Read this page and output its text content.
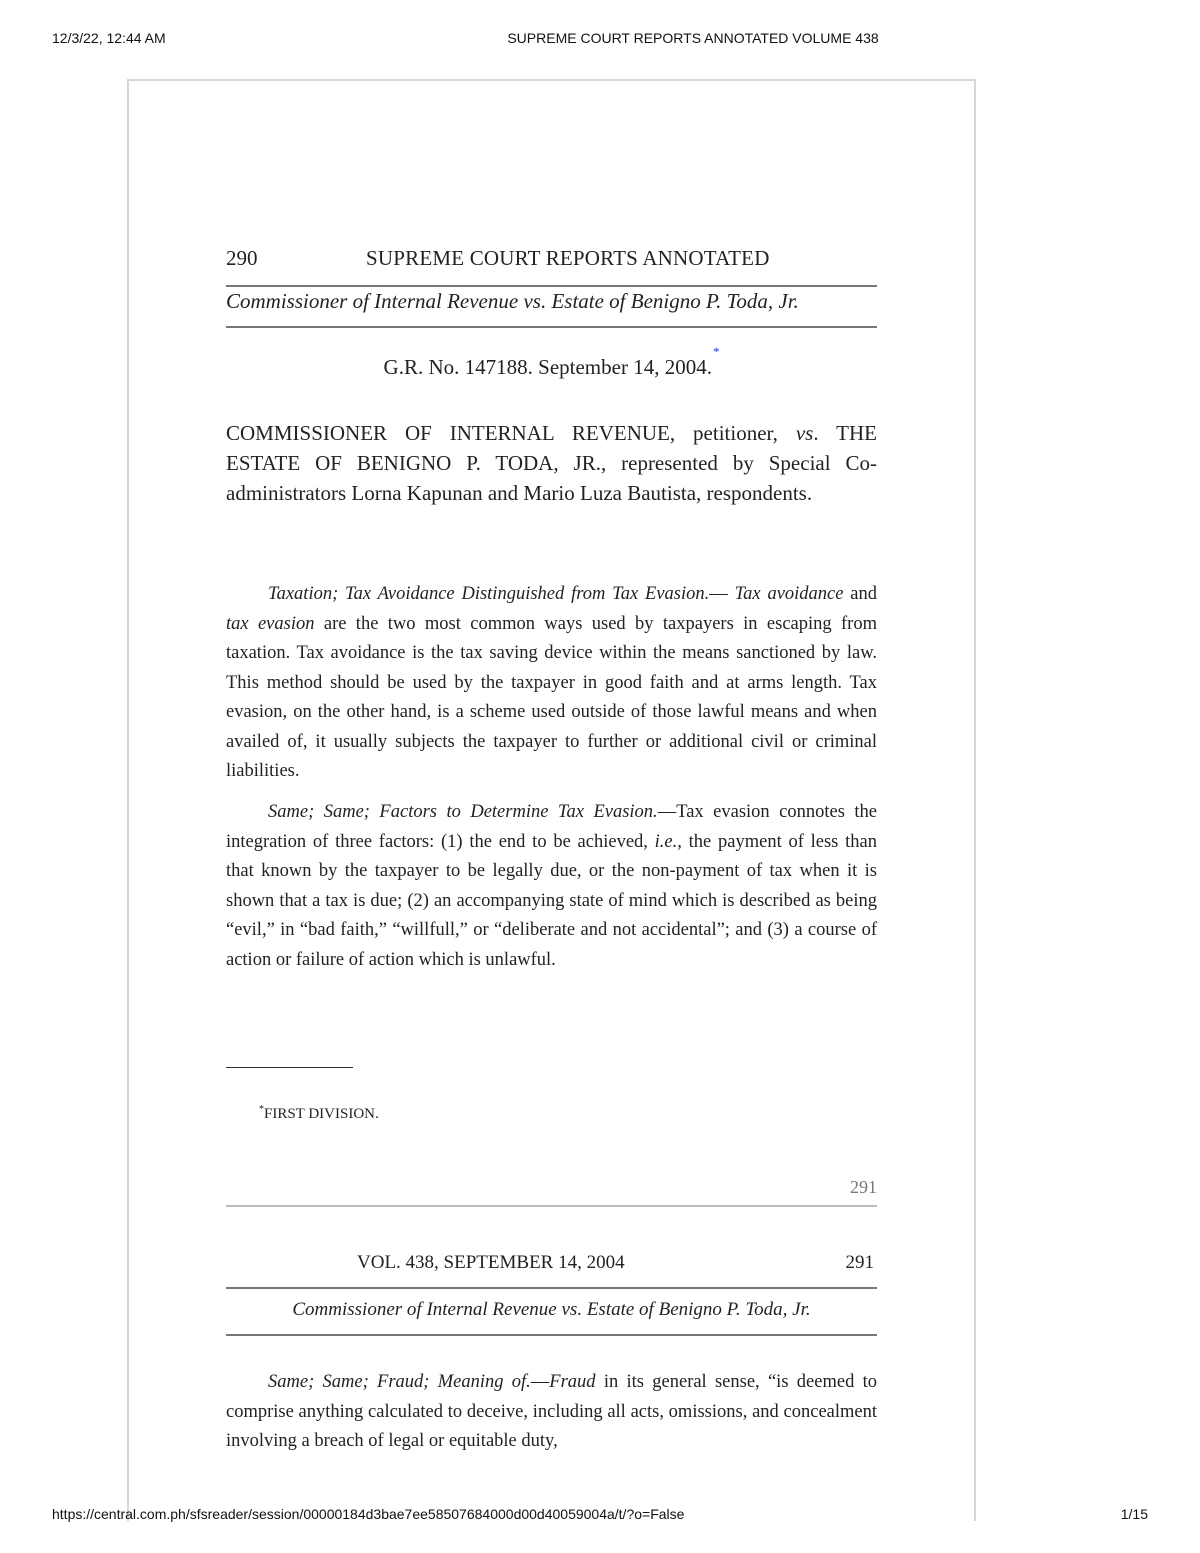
12/3/22, 12:44 AM	SUPREME COURT REPORTS ANNOTATED VOLUME 438
290	SUPREME COURT REPORTS ANNOTATED
Commissioner of Internal Revenue vs. Estate of Benigno P. Toda, Jr.
G.R. No. 147188. September 14, 2004.*
COMMISSIONER OF INTERNAL REVENUE, petitioner, vs. THE ESTATE OF BENIGNO P. TODA, JR., represented by Special Co-administrators Lorna Kapunan and Mario Luza Bautista, respondents.

Taxation; Tax Avoidance Distinguished from Tax Evasion.— Tax avoidance and tax evasion are the two most common ways used by taxpayers in escaping from taxation. Tax avoidance is the tax saving device within the means sanctioned by law. This method should be used by the taxpayer in good faith and at arms length. Tax evasion, on the other hand, is a scheme used outside of those lawful means and when availed of, it usually subjects the taxpayer to further or additional civil or criminal liabilities.

Same; Same; Factors to Determine Tax Evasion.—Tax evasion connotes the integration of three factors: (1) the end to be achieved, i.e., the payment of less than that known by the taxpayer to be legally due, or the non-payment of tax when it is shown that a tax is due; (2) an accompanying state of mind which is described as being “evil,” in “bad faith,” “willfull,” or “deliberate and not accidental”; and (3) a course of action or failure of action which is unlawful.

*FIRST DIVISION.
291
VOL. 438, SEPTEMBER 14, 2004	291
Commissioner of Internal Revenue vs. Estate of Benigno P. Toda, Jr.

Same; Same; Fraud; Meaning of.—Fraud in its general sense, “is deemed to comprise anything calculated to deceive, including all acts, omissions, and concealment involving a breach of legal or equitable duty,

https://central.com.ph/sfsreader/session/00000184d3bae7ee58507684000d00d40059004a/t/?o=False	1/15
